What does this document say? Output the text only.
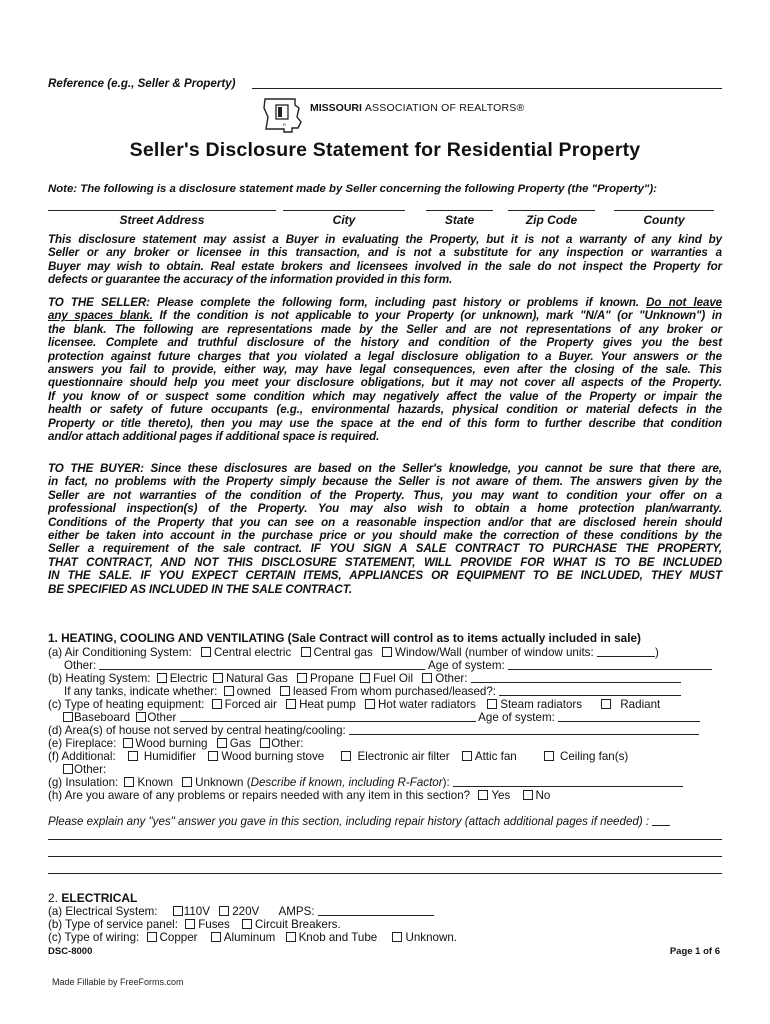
Reference (e.g., Seller & Property)
R
MISSOURI ASSOCIATION OF REALTORS®
Seller's Disclosure Statement for Residential Property
Note: The following is a disclosure statement made by Seller concerning the following Property (the "Property"):
Street Address	City	State	Zip Code	County
This disclosure statement may assist a Buyer in evaluating the Property, but it is not a warranty of any kind by
Seller or any broker or licensee in this transaction, and is not a substitute for any inspection or warranties a
Buyer may wish to obtain. Real estate brokers and licensees involved in the sale do not inspect the Property for
defects or guarantee the accuracy of the information provided in this form.
TO THE SELLER: Please complete the following form, including past history or problems if known. Do not leave
any spaces blank. If the condition is not applicable to your Property (or unknown), mark "N/A" (or "Unknown") in
the blank. The following are representations made by the Seller and are not representations of any broker or
licensee. Complete and truthful disclosure of the history and condition of the Property gives you the best
protection against future charges that you violated a legal disclosure obligation to a Buyer. Your answers or the
answers you fail to provide, either way, may have legal consequences, even after the closing of the sale. This
questionnaire should help you meet your disclosure obligations, but it may not cover all aspects of the Property.
If you know of or suspect some condition which may negatively affect the value of the Property or impair the
health or safety of future occupants (e.g., environmental hazards, physical condition or material defects in the
Property or title thereto), then you may use the space at the end of this form to further describe that condition
and/or attach additional pages if additional space is required.
TO THE BUYER: Since these disclosures are based on the Seller's knowledge, you cannot be sure that there are,
in fact, no problems with the Property simply because the Seller is not aware of them. The answers given by the
Seller are not warranties of the condition of the Property. Thus, you may want to condition your offer on a
professional inspection(s) of the Property. You may also wish to obtain a home protection plan/warranty.
Conditions of the Property that you can see on a reasonable inspection and/or that are disclosed herein should
either be taken into account in the purchase price or you should make the correction of these conditions by the
Seller a requirement of the sale contract. IF YOU SIGN A SALE CONTRACT TO PURCHASE THE PROPERTY,
THAT CONTRACT, AND NOT THIS DISCLOSURE STATEMENT, WILL PROVIDE FOR WHAT IS TO BE INCLUDED
IN THE SALE. IF YOU EXPECT CERTAIN ITEMS, APPLIANCES OR EQUIPMENT TO BE INCLUDED, THEY MUST
BE SPECIFIED AS INCLUDED IN THE SALE CONTRACT.
1. HEATING, COOLING AND VENTILATING (Sale Contract will control as to items actually included in sale)
(a) Air Conditioning System: Central electric Central gas Window/Wall (number of window units:	)
Other:	Age of system:
(b) Heating System: Electric Natural Gas Propane Fuel Oil Other:
If any tanks, indicate whether: owned leased From whom purchased/leased?:
(c) Type of heating equipment: Forced air Heat pump Hot water radiators Steam radiators	Radiant
Baseboard Other	Age of system:
(d) Area(s) of house not served by central heating/cooling:
(e) Fireplace: Wood burning Gas Other:
(f) Additional: Humidifier Wood burning stove	Electronic air filter Attic fan	Ceiling fan(s)
Other:
(g) Insulation: Known Unknown (Describe if known, including R-Factor):
(h) Are you aware of any problems or repairs needed with any item in this section? Yes No
Please explain any "yes" answer you gave in this section, including repair history (attach additional pages if needed) :
2. ELECTRICAL
(a) Electrical System: 110V 220V AMPS:
(b) Type of service panel: Fuses Circuit Breakers.
(c) Type of wiring: Copper Aluminum Knob and Tube Unknown.
DSC-8000	Page 1 of 6
Made Fillable by FreeForms.com
